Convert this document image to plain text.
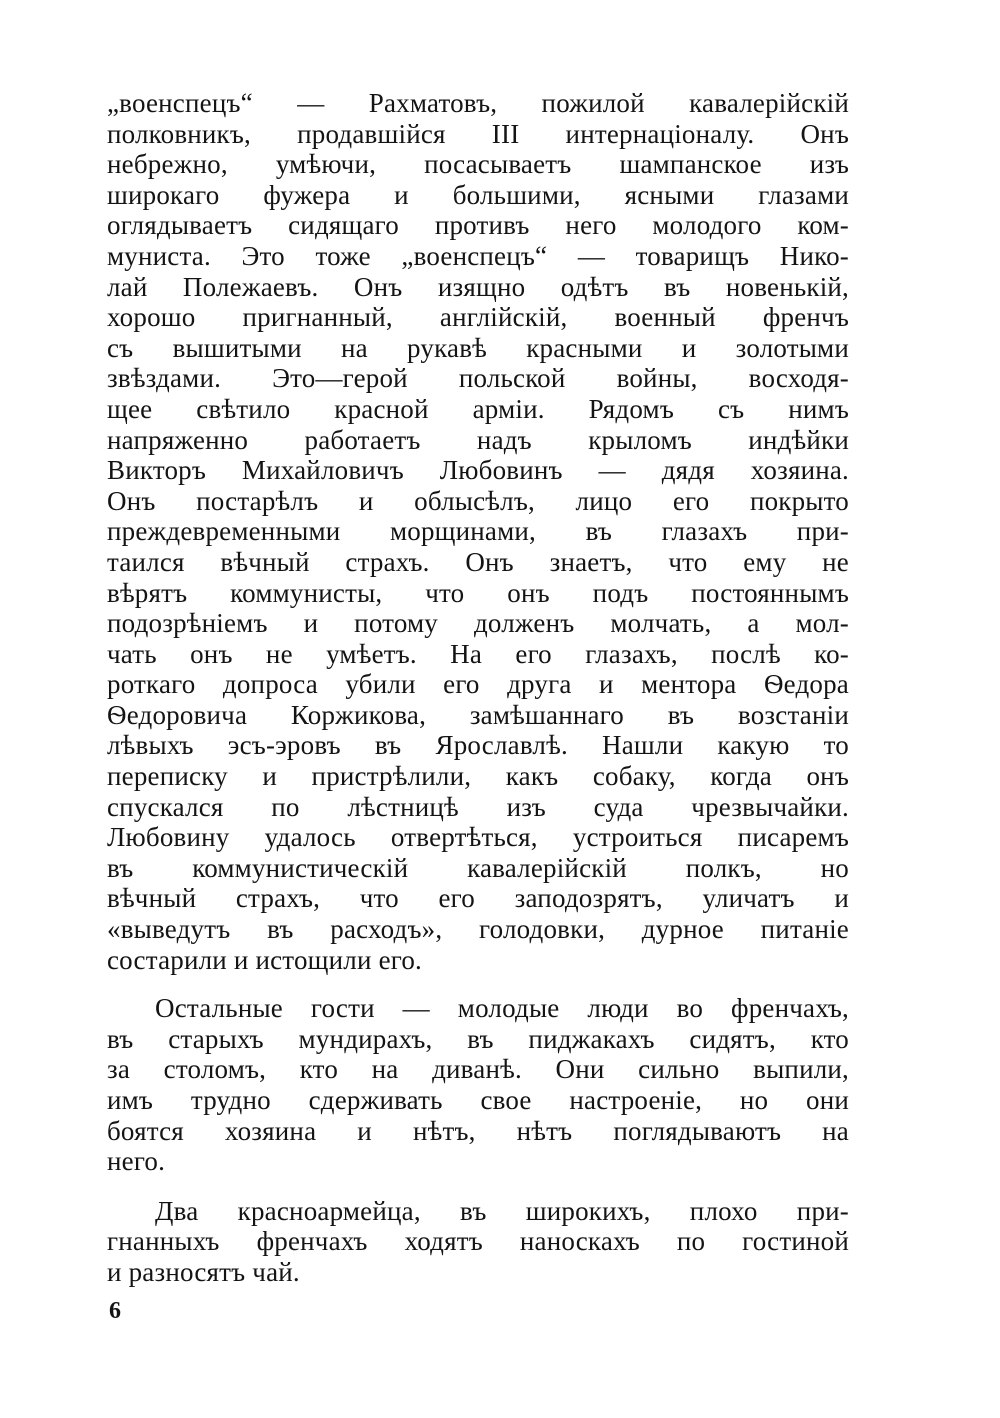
„военспецъ“ — Рахматовъ, пожилой кавалерійскій
полковникъ, продавшійся III интернаціоналу. Онъ
небрежно, умѣючи, посасываетъ шампанское изъ
широкаго фужера и большими, ясными глазами
оглядываетъ сидящаго противъ него молодого ком-
муниста. Это тоже „военспецъ“ — товарищъ Нико-
лай Полежаевъ. Онъ изящно одѣтъ въ новенькій,
хорошо пригнанный, англійскій, военный френчъ
съ вышитыми на рукавѣ красными и золотыми
звѣздами. Это—герой польской войны, восходя-
щее свѣтило красной арміи. Рядомъ съ нимъ
напряженно работаетъ надъ крыломъ индѣйки
Викторъ Михайловичъ Любовинъ — дядя хозяина.
Онъ постарѣлъ и облысѣлъ, лицо его покрыто
преждевременными морщинами, въ глазахъ при-
таился вѣчный страхъ. Онъ знаетъ, что ему не
вѣрятъ коммунисты, что онъ подъ постояннымъ
подозрѣніемъ и потому долженъ молчать, а мол-
чать онъ не умѣетъ. На его глазахъ, послѣ ко-
роткаго допроса убили его друга и ментора Ѳедора
Ѳедоровича Коржикова, замѣшаннаго въ возстаніи
лѣвыхъ эсъ-эровъ въ Ярославлѣ. Нашли какую то
переписку и пристрѣлили, какъ собаку, когда онъ
спускался по лѣстницѣ изъ суда чрезвычайки.
Любовину удалось отвертѣться, устроиться писаремъ
въ коммунистическій кавалерійскій полкъ, но
вѣчный страхъ, что его заподозрятъ, уличатъ и
«выведутъ въ расходъ», голодовки, дурное питаніе
состарили и истощили его.
Остальные гости — молодые люди во френчахъ,
въ старыхъ мундирахъ, въ пиджакахъ сидятъ, кто
за столомъ, кто на диванѣ. Они сильно выпили,
имъ трудно сдерживать свое настроеніе, но они
боятся хозяина и нѣтъ, нѣтъ поглядываютъ на
него.
Два красноармейца, въ широкихъ, плохо при-
гнанныхъ френчахъ ходятъ наноскахъ по гостиной
и разносятъ чай.
6
